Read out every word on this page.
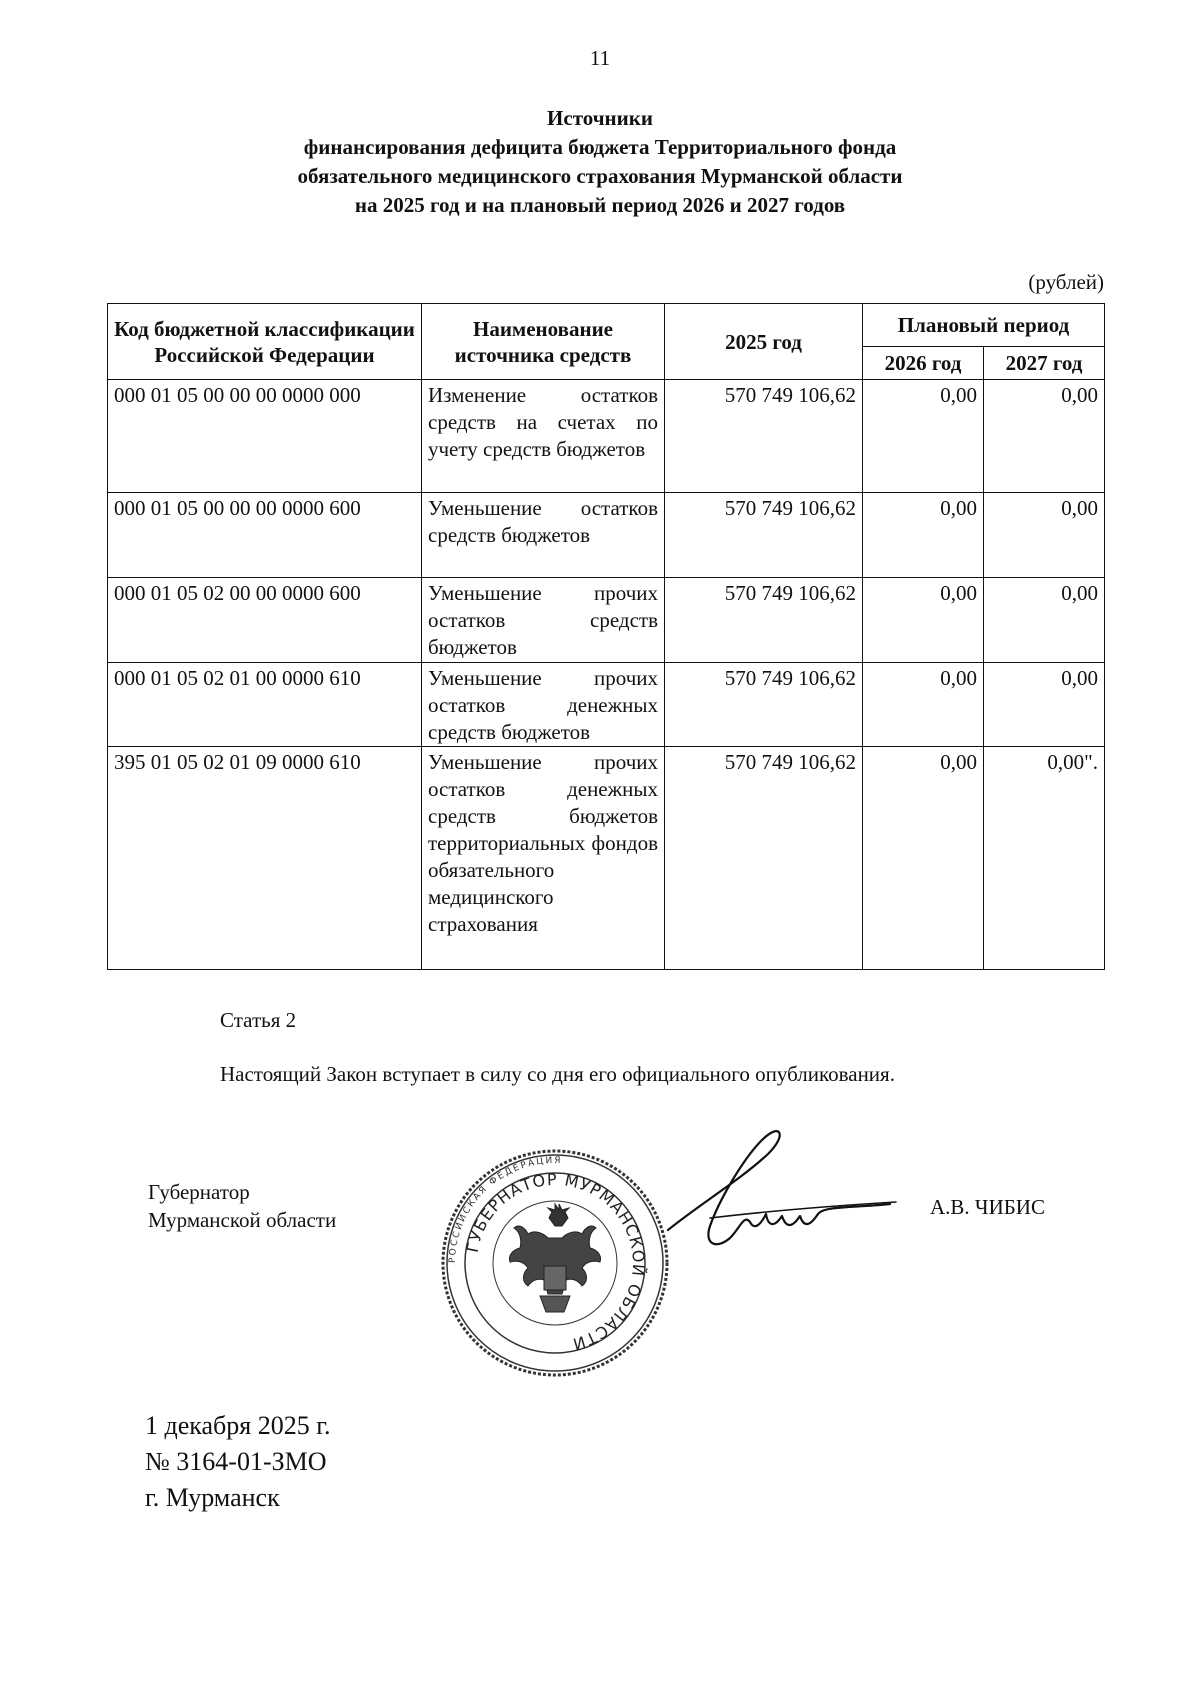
11
Источники
финансирования дефицита бюджета Территориального фонда
обязательного медицинского страхования Мурманской области
на 2025 год и на плановый период 2026 и 2027 годов
(рублей)
Код бюджетной классификации Российской Федерации	Наименование источника средств	2025 год	Плановый период	
			2026 год	2027 год
000 01 05 00 00 00 0000 000	Изменение остатков средств на счетах по учету средств бюджетов	570 749 106,62	0,00	0,00
000 01 05 00 00 00 0000 600	Уменьшение остатков средств бюджетов	570 749 106,62	0,00	0,00
000 01 05 02 00 00 0000 600	Уменьшение прочих остатков средств бюджетов	570 749 106,62	0,00	0,00
000 01 05 02 01 00 0000 610	Уменьшение прочих остатков денежных средств бюджетов	570 749 106,62	0,00	0,00
395 01 05 02 01 09 0000 610	Уменьшение прочих остатков денежных средств бюджетов территориальных фондов обязательного медицинского страхования	570 749 106,62	0,00	0,00".
Статья 2
Настоящий Закон вступает в силу со дня его официального опубликования.
Губернатор
Мурманской области
РОССИЙСКАЯ ФЕДЕРАЦИЯ
ГУБЕРНАТОР МУРМАНСКОЙ ОБЛАСТИ
А.В. ЧИБИС
1 декабря 2025 г.
№ 3164-01-ЗМО
г. Мурманск
